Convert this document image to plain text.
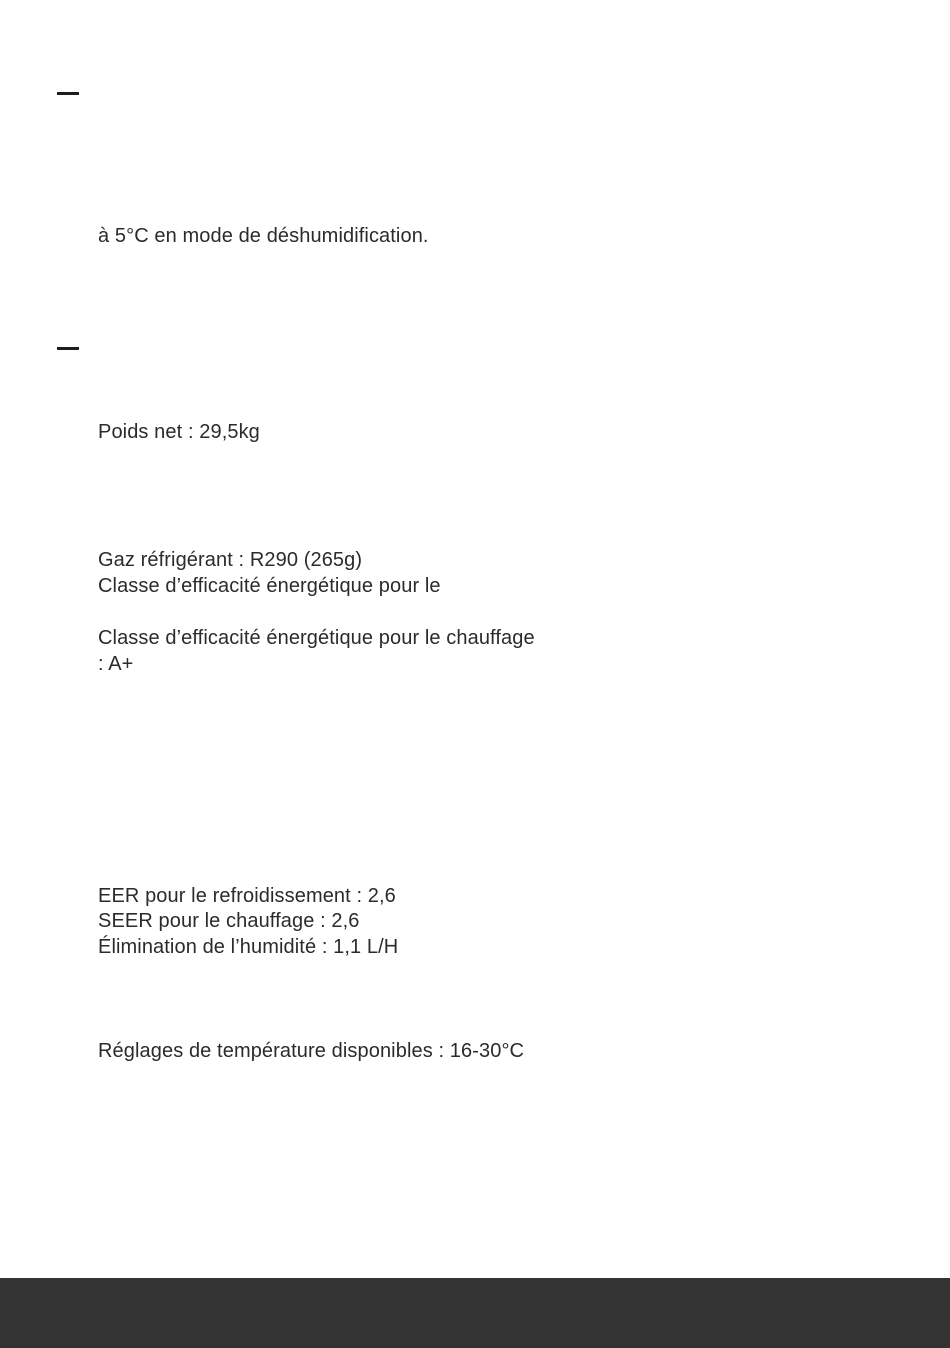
à 5°C en mode de déshumidification.
Poids net : 29,5kg
Gaz réfrigérant : R290 (265g)
Classe d’efficacité énergétique pour le
Classe d’efficacité énergétique pour le chauffage
: A+
EER pour le refroidissement : 2,6
SEER pour le chauffage : 2,6
Élimination de l’humidité : 1,1 L/H
Réglages de température disponibles : 16-30°C
